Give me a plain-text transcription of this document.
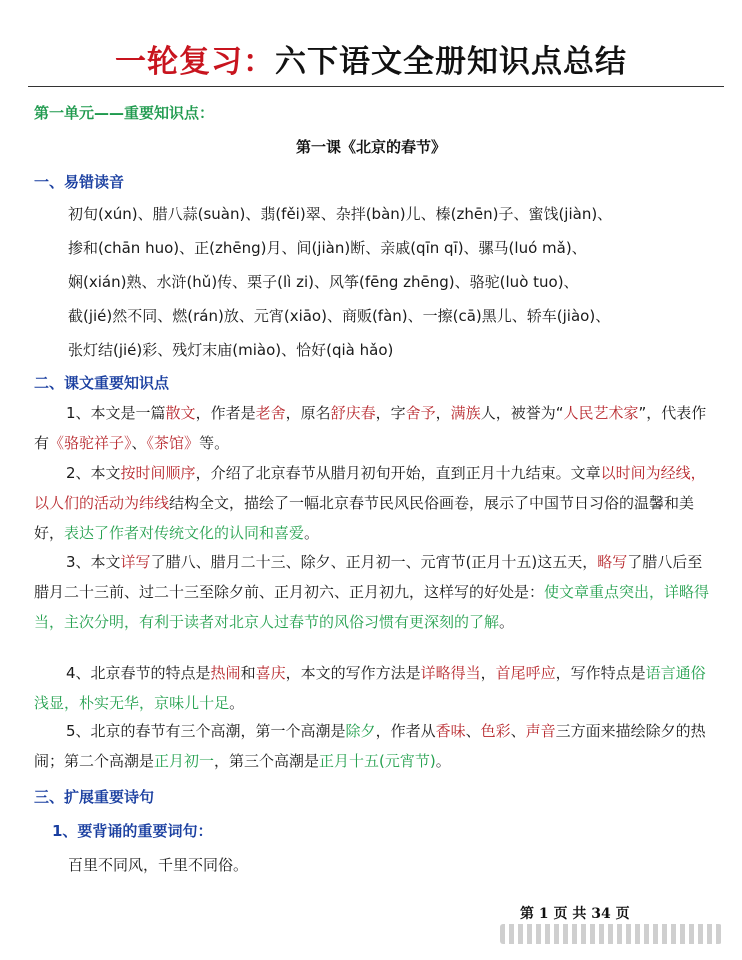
一轮复习：六下语文全册知识点总结
第一单元——重要知识点：
第一课《北京的春节》
一、易错读音
初旬(xún)、腊八蒜(suàn)、翡(fěi)翠、杂拌(bàn)儿、榛(zhēn)子、蜜饯(jiàn)、
掺和(chān huo)、正(zhēng)月、间(jiàn)断、亲戚(qīn qī)、骡马(luó mǎ)、
娴(xián)熟、水浒(hǔ)传、栗子(lì zi)、风筝(fēng zhēng)、骆驼(luò tuo)、
截(jié)然不同、燃(rán)放、元宵(xiāo)、商贩(fàn)、一擦(cā)黑儿、轿车(jiào)、
张灯结(jié)彩、残灯末庙(miào)、恰好(qià hǎo)
二、课文重要知识点
1、本文是一篇散文，作者是老舍，原名舒庆春，字舍予，满族人，被誉为“人民艺术家”，代表作有《骆驼祥子》、《茶馆》等。
2、本文按时间顺序，介绍了北京春节从腊月初旬开始，直到正月十九结束。文章以时间为经线，以人们的活动为纬线结构全文，描绘了一幅北京春节民风民俗画卷，展示了中国节日习俗的温馨和美好，表达了作者对传统文化的认同和喜爱。
3、本文详写了腊八、腊月二十三、除夕、正月初一、元宵节(正月十五)这五天，略写了腊八后至腊月二十三前、过二十三至除夕前、正月初六、正月初九，这样写的好处是：使文章重点突出，详略得当，主次分明，有利于读者对北京人过春节的风俗习惯有更深刻的了解。
4、北京春节的特点是热闹和喜庆，本文的写作方法是详略得当，首尾呼应，写作特点是语言通俗浅显，朴实无华，京味儿十足。
5、北京的春节有三个高潮，第一个高潮是除夕，作者从香味、色彩、声音三方面来描绘除夕的热闹；第二个高潮是正月初一，第三个高潮是正月十五(元宵节)。
三、扩展重要诗句
1、要背诵的重要词句：
百里不同风，千里不同俗。
第 1 页 共 34 页
